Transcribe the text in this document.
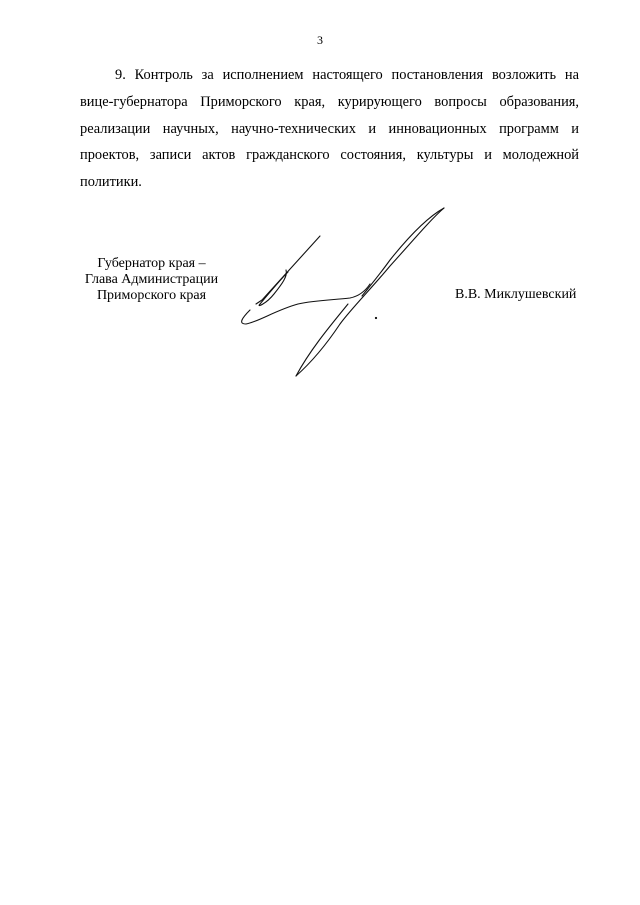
3

9. Контроль за исполнением настоящего постановления возложить на вице-губернатора Приморского края, курирующего вопросы образования, реализации научных, научно-технических и инновационных программ и проектов, записи актов гражданского состояния, культуры и молодежной политики.

Губернатор края –
Глава Администрации
Приморского края	В.В. Миклушевский
